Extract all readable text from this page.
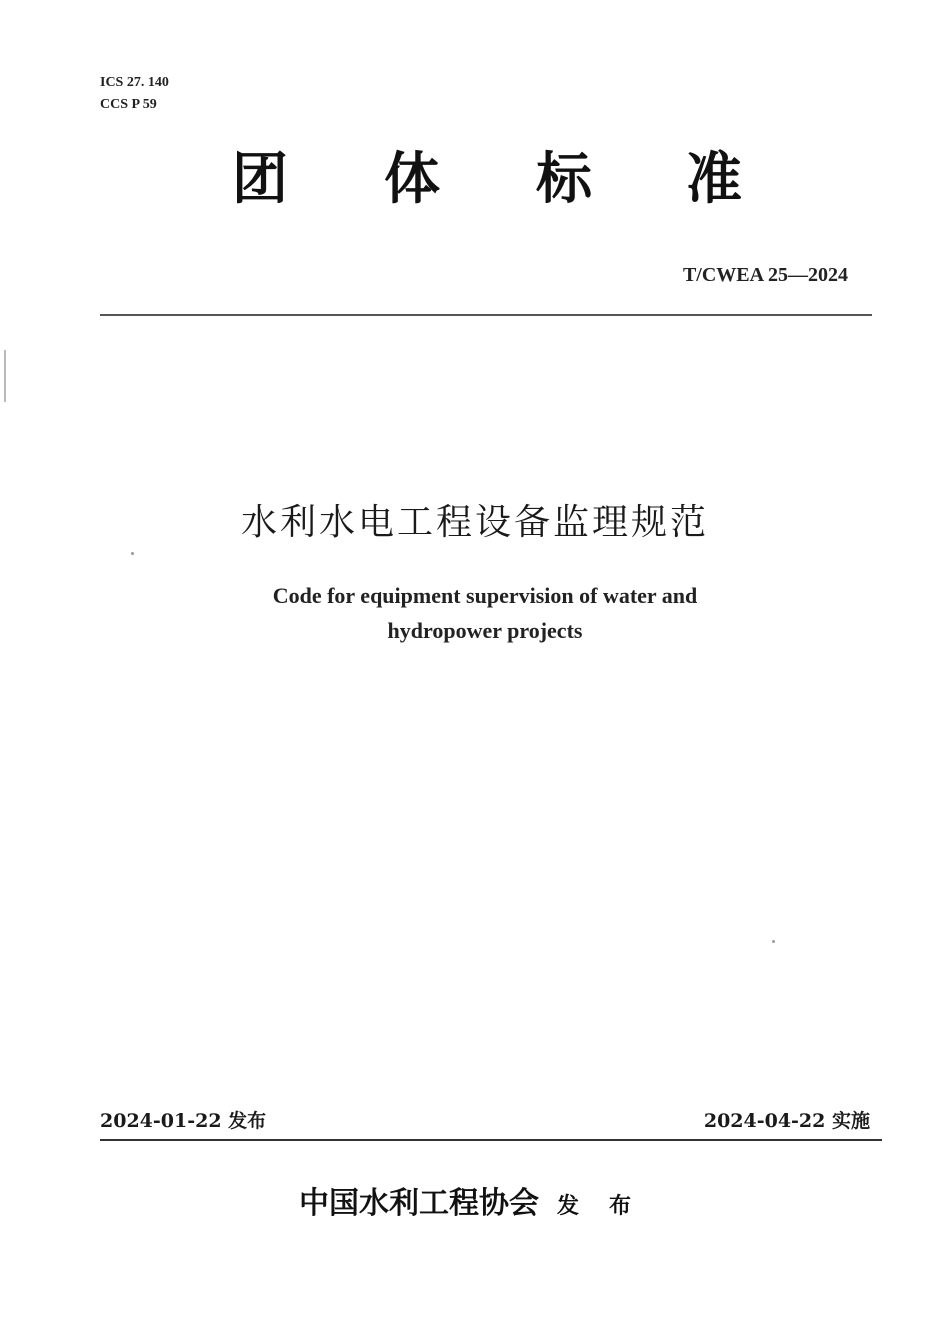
ICS 27. 140
CCS P 59
团 体 标 准
T/CWEA 25—2024
水利水电工程设备监理规范
Code for equipment supervision of water and
hydropower projects
2024-01-22 发布	2024-04-22 实施
中国水利工程协会 发布
